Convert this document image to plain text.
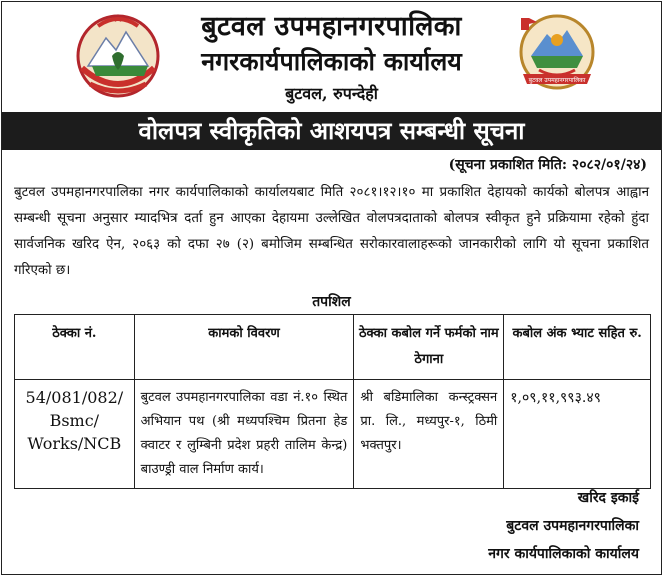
बुटवल उपमहानगरपालिका
नगरकार्यपालिकाको कार्यालय
बुटवल, रुपन्देही
बुटवल उपमहानगरपालिका
वोलपत्र स्वीकृतिको आशयपत्र सम्बन्धी सूचना
(सूचना प्रकाशित मिति: २०८२/०१/२४)
बुटवल उपमहानगरपालिका नगर कार्यपालिकाको कार्यालयबाट मिति २०८१।१२।१० मा प्रकाशित देहायको कार्यको बोलपत्र आह्वान सम्बन्धी सूचना अनुसार म्यादभित्र दर्ता हुन आएका देहायमा उल्लेखित वोलपत्रदाताको बोलपत्र स्वीकृत हुने प्रक्रियामा रहेको हुंदा सार्वजनिक खरिद ऐन, २०६३ को दफा २७ (२) बमोजिम सम्बन्धित सरोकारवालाहरूको जानकारीको लागि यो सूचना प्रकाशित गरिएको छ।
तपशिल
ठेक्का नं.	कामको विवरण	ठेक्का कबोल गर्ने फर्मको नाम ठेगाना	कबोल अंक भ्याट सहित रु.
54/081/082/ Bsmc/ Works/NCB	बुटवल उपमहानगरपालिका वडा नं.१० स्थित अभियान पथ (श्री मध्यपश्चिम प्रितना हेड क्वाटर र लुम्बिनी प्रदेश प्रहरी तालिम केन्द्र) बाउण्ड्री वाल निर्माण कार्य।	श्री बडिमालिका कन्स्ट्रक्सन प्रा. लि., मध्यपुर-१, ठिमी भक्तपुर।	१,०९,११,९९३.४९
खरिद इकाई
बुटवल उपमहानगरपालिका
नगर कार्यपालिकाको कार्यालय
